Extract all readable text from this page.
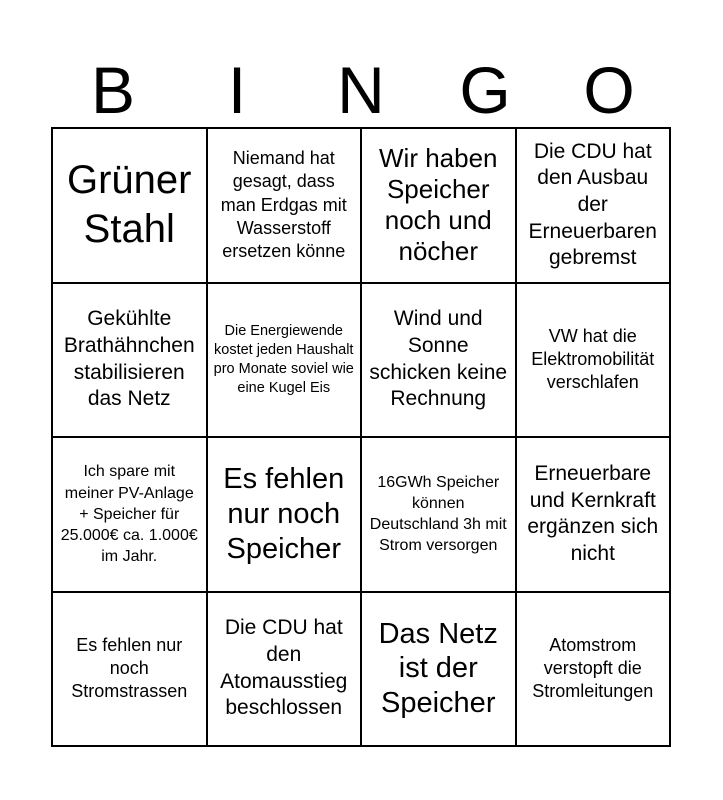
B	I	N	G	O
Grüner Stahl
Niemand hat gesagt, dass man Erdgas mit Wasserstoff ersetzen könne
Wir haben Speicher noch und nöcher
Die CDU hat den Ausbau der Erneuerbaren gebremst
Gekühlte Brathähnchen stabilisieren das Netz
Die Energiewende kostet jeden Haushalt pro Monate soviel wie eine Kugel Eis
Wind und Sonne schicken keine Rechnung
VW hat die Elektromobilität verschlafen
Ich spare mit meiner PV-Anlage + Speicher für 25.000€ ca. 1.000€ im Jahr.
Es fehlen nur noch Speicher
16GWh Speicher können Deutschland 3h mit Strom versorgen
Erneuerbare und Kernkraft ergänzen sich nicht
Es fehlen nur noch Stromstrassen
Die CDU hat den Atomausstieg beschlossen
Das Netz ist der Speicher
Atomstrom verstopft die Stromleitungen
